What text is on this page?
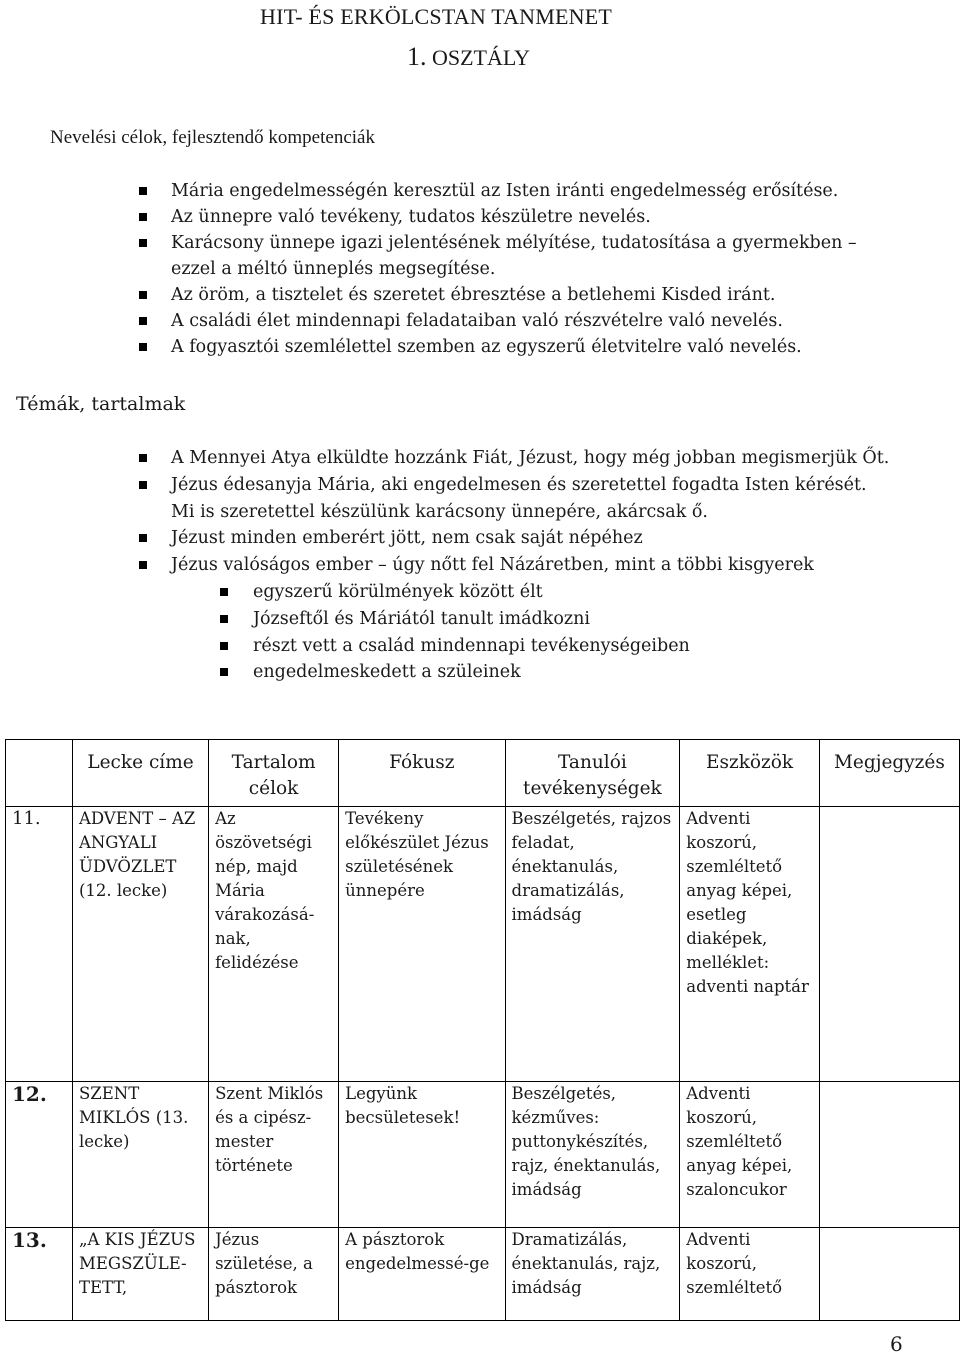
HIT- ÉS ERKÖLCSTAN TANMENET
1. OSZTÁLY
Nevelési célok, fejlesztendő kompetenciák
Mária engedelmességén keresztül az Isten iránti engedelmesség erősítése.
Az ünnepre való tevékeny, tudatos készületre nevelés.
Karácsony ünnepe igazi jelentésének mélyítése, tudatosítása a gyermekben – ezzel a méltó ünneplés megsegítése.
Az öröm, a tisztelet és szeretet ébresztése a betlehemi Kisded iránt.
A családi élet mindennapi feladataiban való részvételre való nevelés.
A fogyasztói szemlélettel szemben az egyszerű életvitelre való nevelés.
Témák, tartalmak
A Mennyei Atya elküldte hozzánk Fiát, Jézust, hogy még jobban megismerjük Őt.
Jézus édesanyja Mária, aki engedelmesen és szeretettel fogadta Isten kérését.
Mi is szeretettel készülünk karácsony ünnepére, akárcsak ő.
Jézust minden emberért jött, nem csak saját népéhez
Jézus valóságos ember – úgy nőtt fel Názáretben, mint a többi kisgyerek
egyszerű körülmények között élt
Józseftől és Máriától tanult imádkozni
részt vett a család mindennapi tevékenységeiben
engedelmeskedett a szüleinek
	Lecke címe	Tartalom célok	Fókusz	Tanulói tevékenységek	Eszközök	Megjegyzés
11.	ADVENT – AZ ANGYALI ÜDVÖZLET (12. lecke)	Az öszövetségi nép, majd Mária várakozásá-nak, felidézése	Tevékeny előkészület Jézus születésének ünnepére	Beszélgetés, rajzos feladat, énektanulás, dramatizálás, imádság	Adventi koszorú, szemléltető anyag képei, esetleg diaképek, melléklet: adventi naptár	
12.	SZENT MIKLÓS (13. lecke)	Szent Miklós és a cipész-mester története	Legyünk becsületesek!	Beszélgetés, kézműves: puttonykészítés, rajz, énektanulás, imádság	Adventi koszorú, szemléltető anyag képei, szaloncukor	
13.	„A KIS JÉZUS MEGSZÜLE-TETT,	Jézus születése, a pásztorok	A pásztorok engedelmessé-ge	Dramatizálás, énektanulás, rajz, imádság	Adventi koszorú, szemléltető	
6
